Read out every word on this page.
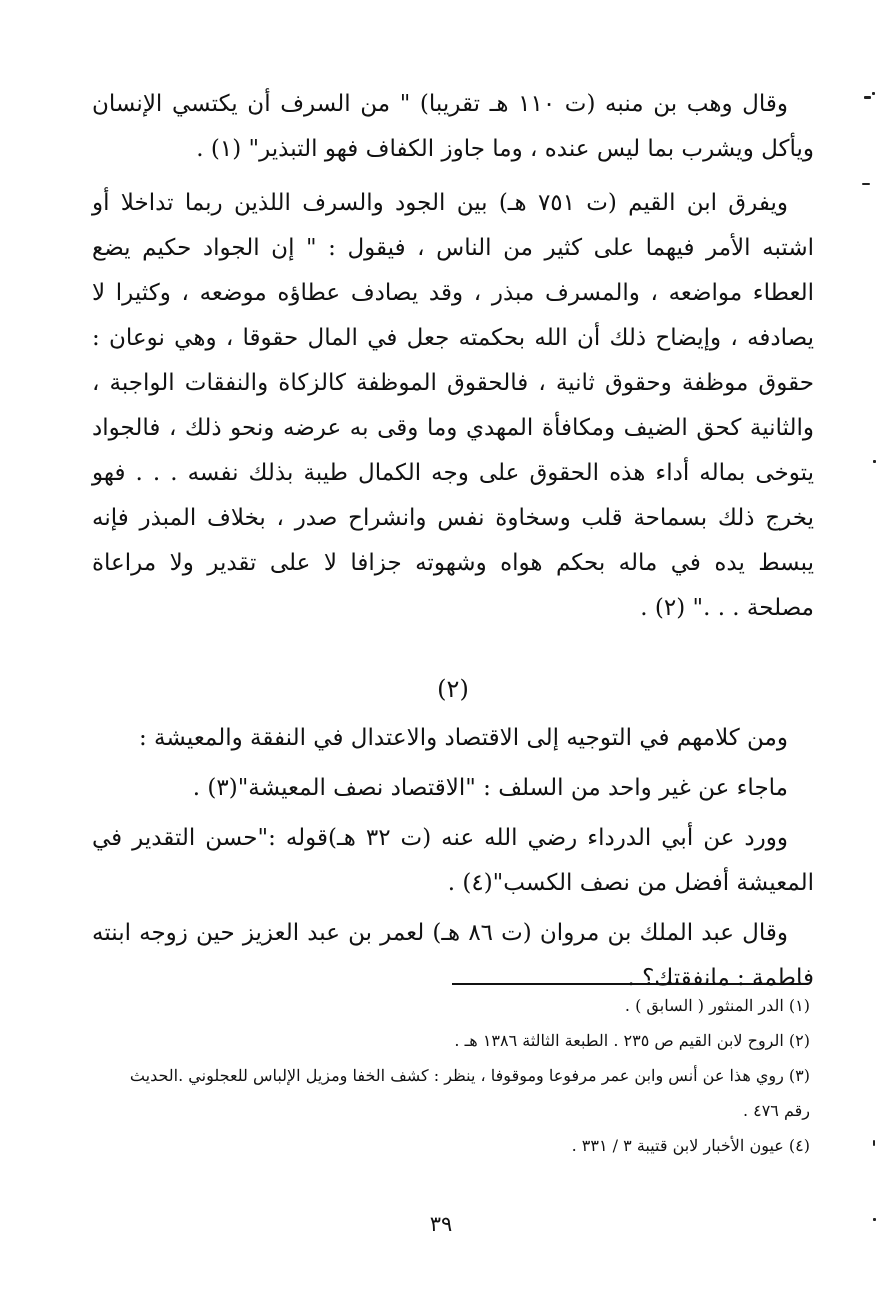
وقال وهب بن منبه (ت ١١٠ هـ تقريبا) " من السرف أن يكتسي الإنسان ويأكل ويشرب بما ليس عنده ، وما جاوز الكفاف فهو التبذير" (١) .

ويفرق ابن القيم (ت ٧٥١ هـ) بين الجود والسرف اللذين ربما تداخلا أو اشتبه الأمر فيهما على كثير من الناس ، فيقول : " إن الجواد حكيم يضع العطاء مواضعه ، والمسرف مبذر ، وقد يصادف عطاؤه موضعه ، وكثيرا لا يصادفه ، وإيضاح ذلك أن الله بحكمته جعل في المال حقوقا ، وهي نوعان : حقوق موظفة وحقوق ثانية ، فالحقوق الموظفة كالزكاة والنفقات الواجبة ، والثانية كحق الضيف ومكافأة المهدي وما وقى به عرضه ونحو ذلك ، فالجواد يتوخى بماله أداء هذه الحقوق على وجه الكمال طيبة بذلك نفسه . . . فهو يخرج ذلك بسماحة قلب وسخاوة نفس وانشراح صدر ، بخلاف المبذر فإنه يبسط يده في ماله بحكم هواه وشهوته جزافا لا على تقدير ولا مراعاة مصلحة . . ." (٢) .

(٢)

ومن كلامهم في التوجيه إلى الاقتصاد والاعتدال في النفقة والمعيشة :

ماجاء عن غير واحد من السلف : "الاقتصاد نصف المعيشة"(٣) .

وورد عن أبي الدرداء رضي الله عنه (ت ٣٢ هـ)قوله :"حسن التقدير في المعيشة أفضل من نصف الكسب"(٤) .

وقال عبد الملك بن مروان (ت ٨٦ هـ) لعمر بن عبد العزيز حين زوجه ابنته فاطمة : مانفقتك؟ .

(١) الدر المنثور ( السابق ) .

(٢) الروح لابن القيم ص ٢٣٥ . الطبعة الثالثة ١٣٨٦ هـ .

(٣) روي هذا عن أنس وابن عمر مرفوعا وموقوفا ، ينظر : كشف الخفا ومزيل الإلباس للعجلوني .الحديث رقم ٤٧٦ .

(٤) عيون الأخبار لابن قتيبة ٣ / ٣٣١ .

٣٩
